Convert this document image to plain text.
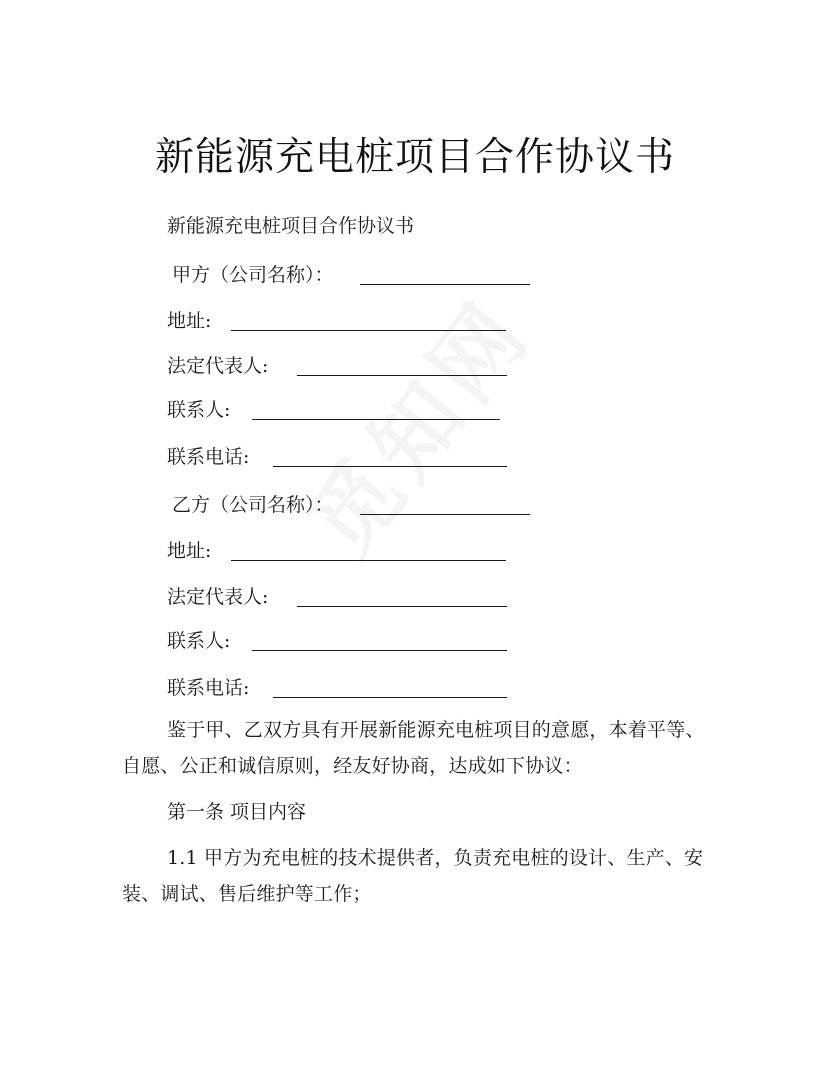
新能源充电桩项目合作协议书
新能源充电桩项目合作协议书
甲方（公司名称）：
地址:
法定代表人:
联系人:
联系电话:
乙方（公司名称）：
地址:
法定代表人:
联系人:
联系电话:
鉴于甲、乙双方具有开展新能源充电桩项目的意愿，本着平等、自愿、公正和诚信原则，经友好协商，达成如下协议：
第一条 项目内容
1.1 甲方为充电桩的技术提供者，负责充电桩的设计、生产、安装、调试、售后维护等工作；
